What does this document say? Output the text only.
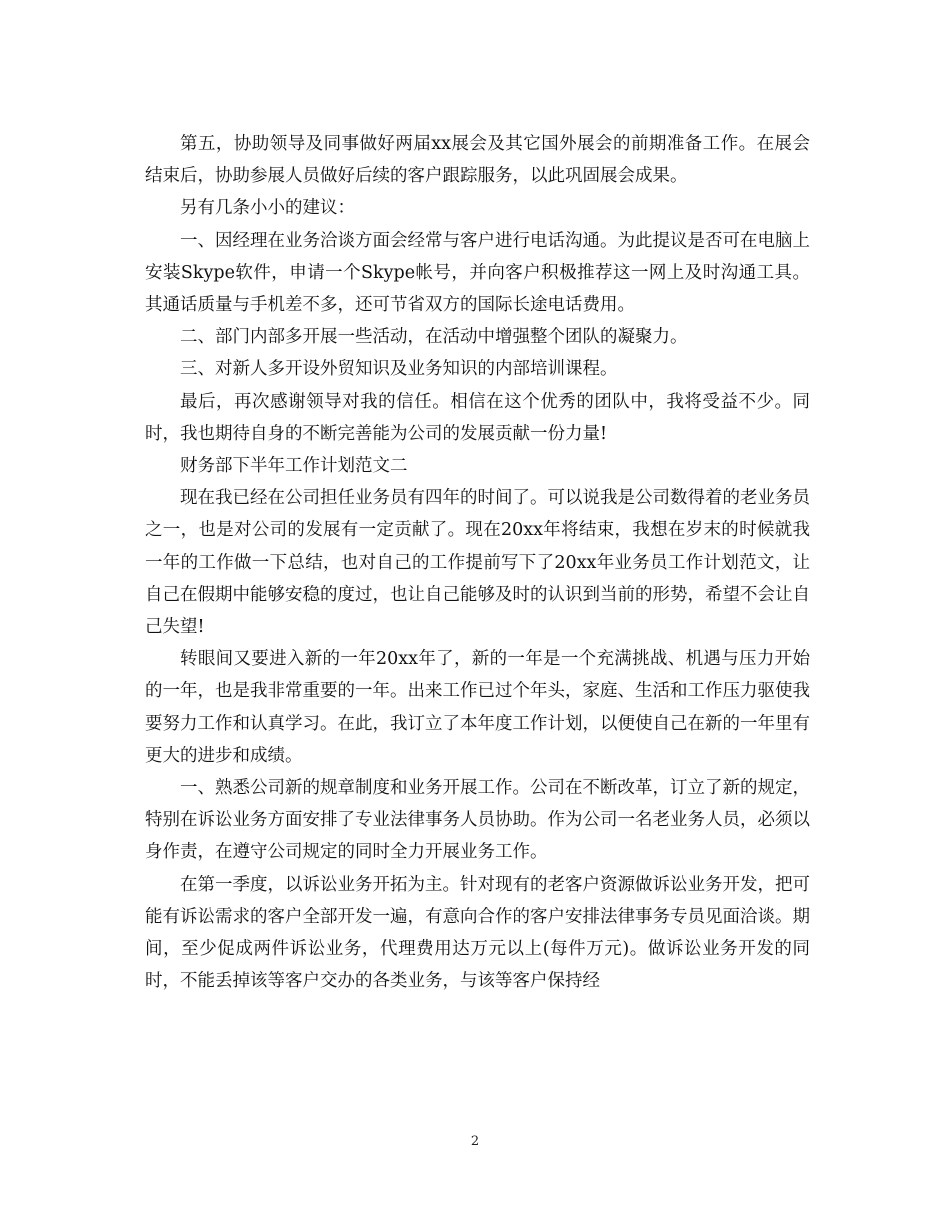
第五，协助领导及同事做好两届xx展会及其它国外展会的前期准备工作。在展会结束后，协助参展人员做好后续的客户跟踪服务，以此巩固展会成果。

另有几条小小的建议：

一、因经理在业务洽谈方面会经常与客户进行电话沟通。为此提议是否可在电脑上安装Skype软件，申请一个Skype帐号，并向客户积极推荐这一网上及时沟通工具。其通话质量与手机差不多，还可节省双方的国际长途电话费用。

二、部门内部多开展一些活动，在活动中增强整个团队的凝聚力。

三、对新人多开设外贸知识及业务知识的内部培训课程。

最后，再次感谢领导对我的信任。相信在这个优秀的团队中，我将受益不少。同时，我也期待自身的不断完善能为公司的发展贡献一份力量!

财务部下半年工作计划范文二

现在我已经在公司担任业务员有四年的时间了。可以说我是公司数得着的老业务员之一，也是对公司的发展有一定贡献了。现在20xx年将结束，我想在岁末的时候就我一年的工作做一下总结，也对自己的工作提前写下了20xx年业务员工作计划范文，让自己在假期中能够安稳的度过，也让自己能够及时的认识到当前的形势，希望不会让自己失望!

转眼间又要进入新的一年20xx年了，新的一年是一个充满挑战、机遇与压力开始的一年，也是我非常重要的一年。出来工作已过个年头，家庭、生活和工作压力驱使我要努力工作和认真学习。在此，我订立了本年度工作计划，以便使自己在新的一年里有更大的进步和成绩。

一、熟悉公司新的规章制度和业务开展工作。公司在不断改革，订立了新的规定，特别在诉讼业务方面安排了专业法律事务人员协助。作为公司一名老业务人员，必须以身作责，在遵守公司规定的同时全力开展业务工作。

在第一季度，以诉讼业务开拓为主。针对现有的老客户资源做诉讼业务开发，把可能有诉讼需求的客户全部开发一遍，有意向合作的客户安排法律事务专员见面洽谈。期间，至少促成两件诉讼业务，代理费用达万元以上(每件万元)。做诉讼业务开发的同时，不能丢掉该等客户交办的各类业务，与该等客户保持经

2
